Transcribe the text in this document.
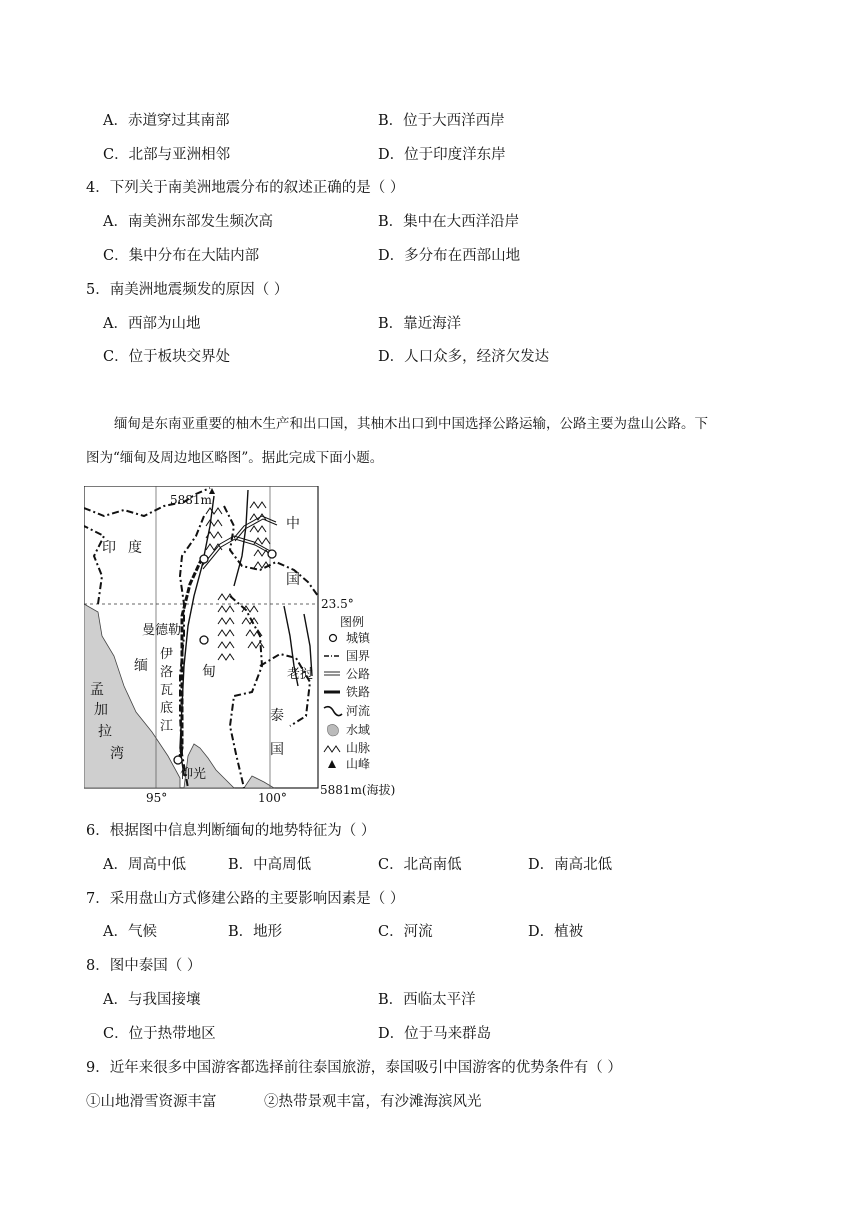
A．赤道穿过其南部	B．位于大西洋西岸
C．北部与亚洲相邻	D．位于印度洋东岸
4．下列关于南美洲地震分布的叙述正确的是（ ）
A．南美洲东部发生频次高	B．集中在大西洋沿岸
C．集中分布在大陆内部	D．多分布在西部山地
5．南美洲地震频发的原因（ ）
A．西部为山地	B．靠近海洋
C．位于板块交界处	D．人口众多，经济欠发达
缅甸是东南亚重要的柚木生产和出口国，其柚木出口到中国选择公路运输，公路主要为盘山公路。下
图为“缅甸及周边地区略图”。据此完成下面小题。
5881m
印 度
中
国
缅	甸
泰
国
老挝
孟
加
拉
湾
曼德勒
伊
洛
瓦
底
江
仰光
23.5°
95°	100°
图例
城镇
国界
公路
铁路
河流
水域
山脉
山峰
5881m(海拔)
6．根据图中信息判断缅甸的地势特征为（ ）
A．周高中低	B．中高周低	C．北高南低	D．南高北低
7．采用盘山方式修建公路的主要影响因素是（ ）
A．气候	B．地形	C．河流	D．植被
8．图中泰国（ ）
A．与我国接壤	B．西临太平洋
C．位于热带地区	D．位于马来群岛
9．近年来很多中国游客都选择前往泰国旅游，泰国吸引中国游客的优势条件有（ ）
①山地滑雪资源丰富	②热带景观丰富，有沙滩海滨风光
